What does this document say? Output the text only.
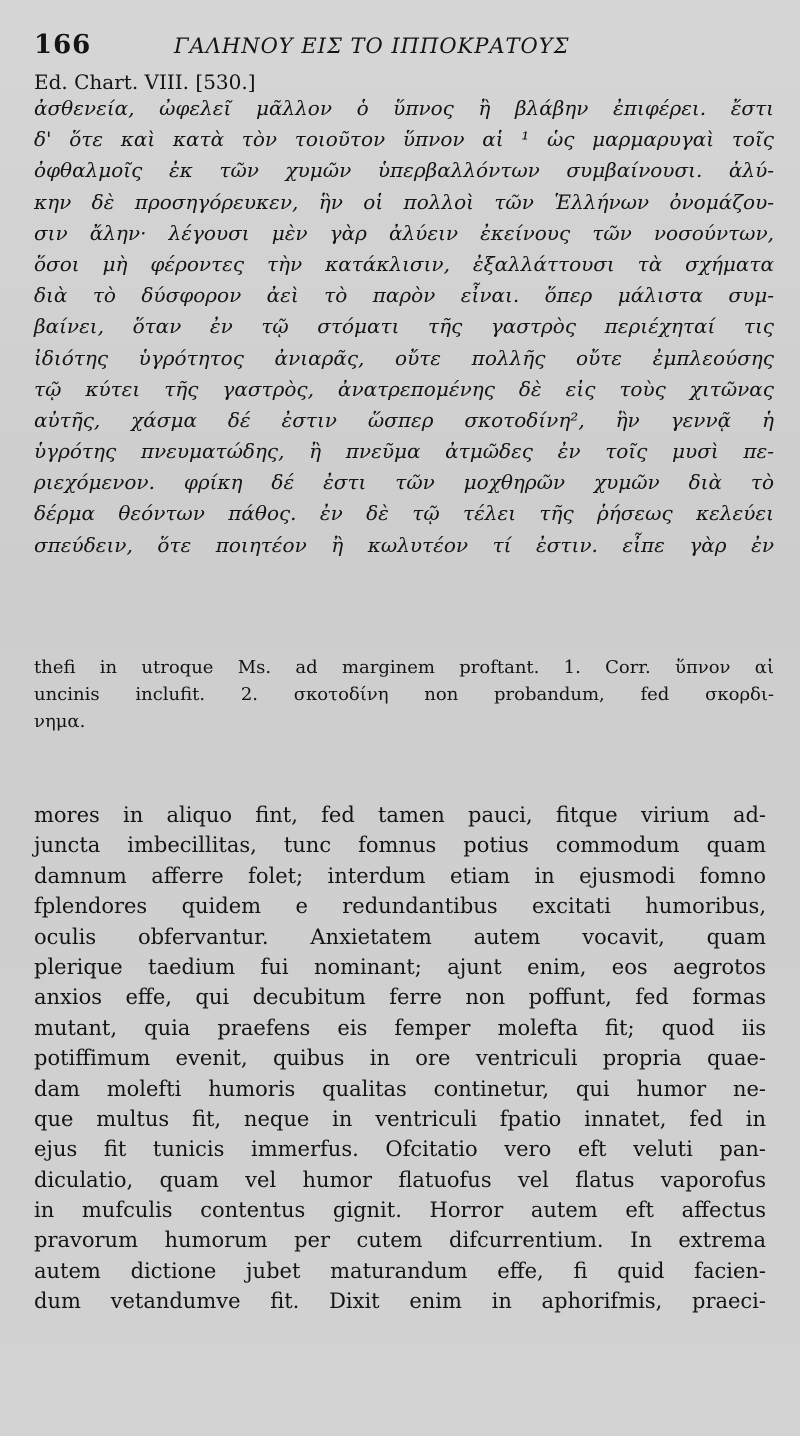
166	ΓΑΛΗΝΟΥ ΕΙΣ ΤΟ ΙΠΠΟΚΡΑΤΟΥΣ
Ed. Chart. VIII. [530.]
ἀσθενεία, ὠφελεῖ μᾶλλον ὁ ὕπνος ἢ βλάβην ἐπιφέρει. ἔστι
δ' ὅτε καὶ κατὰ τὸν τοιοῦτον ὕπνον αἱ ¹ ὡς μαρμαρυγαὶ τοῖς
ὀφθαλμοῖς ἐκ τῶν χυμῶν ὑπερβαλλόντων συμβαίνουσι. ἀλύ-
κην δὲ προσηγόρευκεν, ἣν οἱ πολλοὶ τῶν Ἑλλήνων ὀνομάζου-
σιν ἄλην· λέγουσι μὲν γὰρ ἀλύειν ἐκείνους τῶν νοσούντων,
ὅσοι μὴ φέροντες τὴν κατάκλισιν, ἐξαλλάττουσι τὰ σχήματα
διὰ τὸ δύσφορον ἀεὶ τὸ παρὸν εἶναι. ὅπερ μάλιστα συμ-
βαίνει, ὅταν ἐν τῷ στόματι τῆς γαστρὸς περιέχηταί τις
ἰδιότης ὑγρότητος ἀνιαρᾶς, οὔτε πολλῆς οὔτε ἐμπλεούσης
τῷ κύτει τῆς γαστρὸς, ἀνατρεπομένης δὲ εἰς τοὺς χιτῶνας
αὐτῆς, χάσμα δέ ἐστιν ὥσπερ σκοτοδίνη², ἣν γεννᾷ ἡ
ὑγρότης πνευματώδης, ἢ πνεῦμα ἀτμῶδες ἐν τοῖς μυσὶ πε-
ριεχόμενον. φρίκη δέ ἐστι τῶν μοχθηρῶν χυμῶν διὰ τὸ
δέρμα θεόντων πάθος. ἐν δὲ τῷ τέλει τῆς ῥήσεως κελεύει
σπεύδειν, ὅτε ποιητέον ἢ κωλυτέον τί ἐστιν. εἶπε γὰρ ἐν
thefi in utroque Ms. ad marginem proftant. 1. Corr. ὕπνον αἱ
uncinis inclufit. 2. σκοτοδίνη non probandum, fed σκορδι-
νημα.
mores in aliquo fint, fed tamen pauci, fitque virium ad-
juncta imbecillitas, tunc fomnus potius commodum quam
damnum afferre folet; interdum etiam in ejusmodi fomno
fplendores quidem e redundantibus excitati humoribus,
oculis obfervantur. Anxietatem autem vocavit, quam
plerique taedium fui nominant; ajunt enim, eos aegrotos
anxios effe, qui decubitum ferre non poffunt, fed formas
mutant, quia praefens eis femper molefta fit; quod iis
potiffimum evenit, quibus in ore ventriculi propria quae-
dam molefti humoris qualitas continetur, qui humor ne-
que multus fit, neque in ventriculi fpatio innatet, fed in
ejus fit tunicis immerfus. Ofcitatio vero eft veluti pan-
diculatio, quam vel humor flatuofus vel flatus vaporofus
in mufculis contentus gignit. Horror autem eft affectus
pravorum humorum per cutem difcurrentium. In extrema
autem dictione jubet maturandum effe, fi quid facien-
dum vetandumve fit. Dixit enim in aphorifmis, praeci-
